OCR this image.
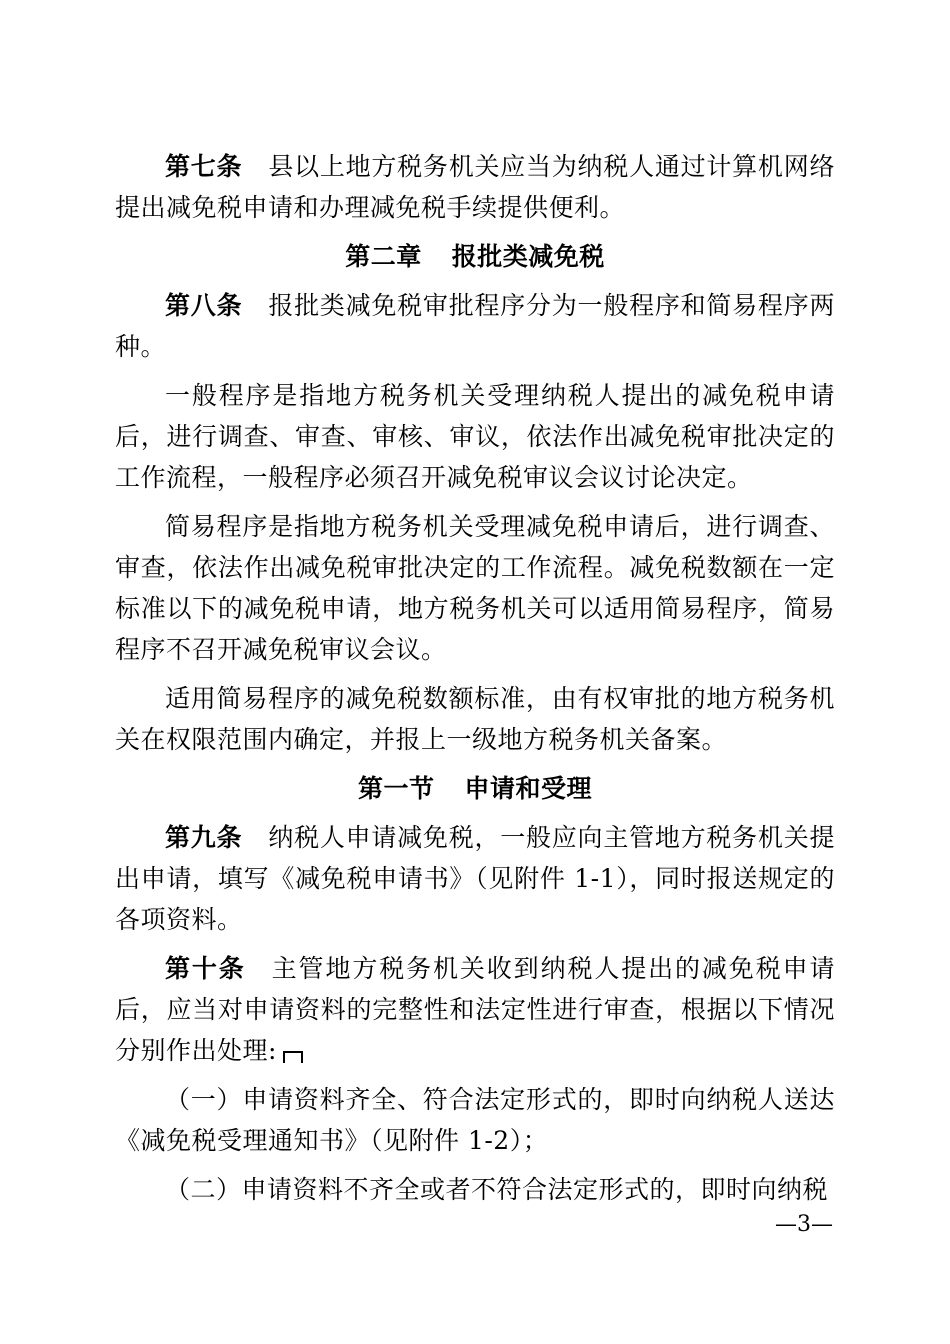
第七条 县以上地方税务机关应当为纳税人通过计算机网络提出减免税申请和办理减免税手续提供便利。

第二章 报批类减免税

第八条 报批类减免税审批程序分为一般程序和简易程序两种。

一般程序是指地方税务机关受理纳税人提出的减免税申请后，进行调查、审查、审核、审议，依法作出减免税审批决定的工作流程，一般程序必须召开减免税审议会议讨论决定。

简易程序是指地方税务机关受理减免税申请后，进行调查、审查，依法作出减免税审批决定的工作流程。减免税数额在一定标准以下的减免税申请，地方税务机关可以适用简易程序，简易程序不召开减免税审议会议。

适用简易程序的减免税数额标准，由有权审批的地方税务机关在权限范围内确定，并报上一级地方税务机关备案。

第一节 申请和受理

第九条 纳税人申请减免税，一般应向主管地方税务机关提出申请，填写《减免税申请书》（见附件 1-1），同时报送规定的各项资料。

第十条 主管地方税务机关收到纳税人提出的减免税申请后，应当对申请资料的完整性和法定性进行审查，根据以下情况分别作出处理:

（一）申请资料齐全、符合法定形式的，即时向纳税人送达《减免税受理通知书》（见附件 1-2）；

（二）申请资料不齐全或者不符合法定形式的，即时向纳税

—3—
